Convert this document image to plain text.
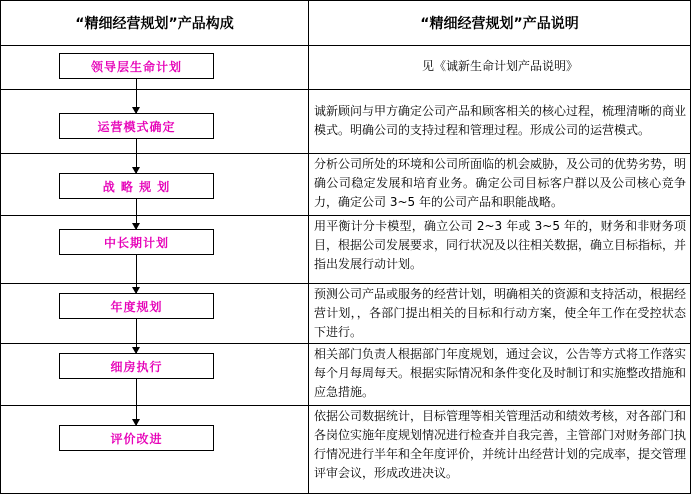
“精细经营规划”产品构成	“精细经营规划”产品说明
领导层生命计划
运营模式确定
战 略 规 划
中长期计划
年度规划
细房执行
评价改进
见《诚新生命计划产品说明》
诚新顾问与甲方确定公司产品和顾客相关的核心过程，梳理清晰的商业模式。明确公司的支持过程和管理过程。形成公司的运营模式。
分析公司所处的环境和公司所面临的机会威胁，及公司的优势劣势，明确公司稳定发展和培育业务。确定公司目标客户群以及公司核心竞争力，确定公司 3~5 年的公司产品和职能战略。
用平衡计分卡模型，确立公司 2~3 年或 3~5 年的，财务和非财务项目，根据公司发展要求，同行状况及以往相关数据，确立目标指标，并指出发展行动计划。
预测公司产品或服务的经营计划，明确相关的资源和支持活动，根据经营计划，，各部门提出相关的目标和行动方案，使全年工作在受控状态下进行。
相关部门负责人根据部门年度规划，通过会议，公告等方式将工作落实每个月每周每天。根据实际情况和条件变化及时制订和实施整改措施和应急措施。
依据公司数据统计，目标管理等相关管理活动和绩效考核，对各部门和各岗位实施年度规划情况进行检查并自我完善，主管部门对财务部门执行情况进行半年和全年度评价，并统计出经营计划的完成率，提交管理评审会议，形成改进决议。
